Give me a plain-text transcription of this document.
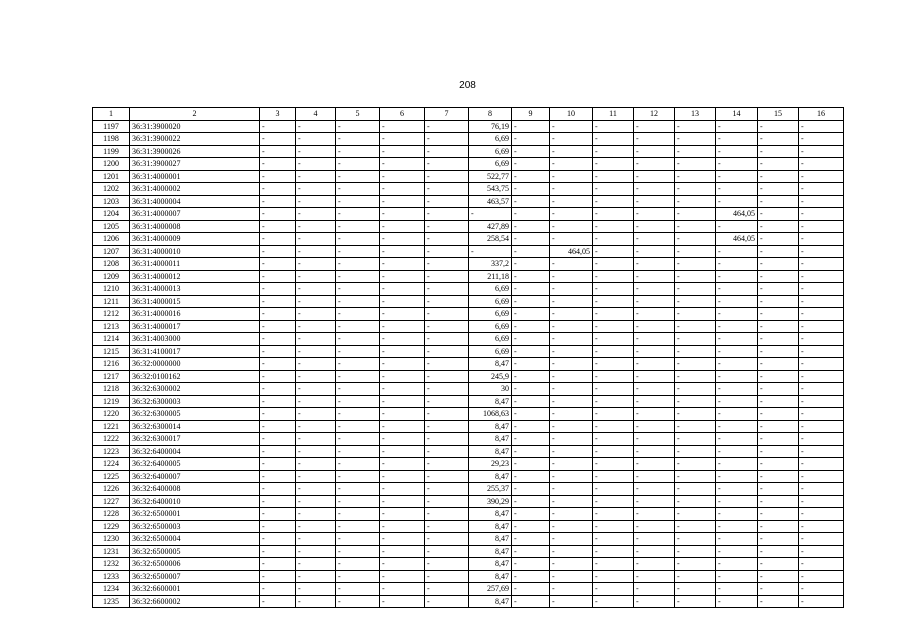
208
1	2	3	4	5	6	7	8	9	10	11	12	13	14	15	16
1197	36:31:3900020	-	-	-	-	-	76,19	-	-	-	-	-	-	-	-
1198	36:31:3900022	-	-	-	-	-	6,69	-	-	-	-	-	-	-	-
1199	36:31:3900026	-	-	-	-	-	6,69	-	-	-	-	-	-	-	-
1200	36:31:3900027	-	-	-	-	-	6,69	-	-	-	-	-	-	-	-
1201	36:31:4000001	-	-	-	-	-	522,77	-	-	-	-	-	-	-	-
1202	36:31:4000002	-	-	-	-	-	543,75	-	-	-	-	-	-	-	-
1203	36:31:4000004	-	-	-	-	-	463,57	-	-	-	-	-	-	-	-
1204	36:31:4000007	-	-	-	-	-	-	-	-	-	-	-	464,05	-	-
1205	36:31:4000008	-	-	-	-	-	427,89	-	-	-	-	-	-	-	-
1206	36:31:4000009	-	-	-	-	-	258,54	-	-	-	-	-	464,05	-	-
1207	36:31:4000010	-	-	-	-	-	-	-	464,05	-	-	-	-	-	-
1208	36:31:4000011	-	-	-	-	-	337,2	-	-	-	-	-	-	-	-
1209	36:31:4000012	-	-	-	-	-	211,18	-	-	-	-	-	-	-	-
1210	36:31:4000013	-	-	-	-	-	6,69	-	-	-	-	-	-	-	-
1211	36:31:4000015	-	-	-	-	-	6,69	-	-	-	-	-	-	-	-
1212	36:31:4000016	-	-	-	-	-	6,69	-	-	-	-	-	-	-	-
1213	36:31:4000017	-	-	-	-	-	6,69	-	-	-	-	-	-	-	-
1214	36:31:4003000	-	-	-	-	-	6,69	-	-	-	-	-	-	-	-
1215	36:31:4100017	-	-	-	-	-	6,69	-	-	-	-	-	-	-	-
1216	36:32:0000000	-	-	-	-	-	8,47	-	-	-	-	-	-	-	-
1217	36:32:0100162	-	-	-	-	-	245,9	-	-	-	-	-	-	-	-
1218	36:32:6300002	-	-	-	-	-	30	-	-	-	-	-	-	-	-
1219	36:32:6300003	-	-	-	-	-	8,47	-	-	-	-	-	-	-	-
1220	36:32:6300005	-	-	-	-	-	1068,63	-	-	-	-	-	-	-	-
1221	36:32:6300014	-	-	-	-	-	8,47	-	-	-	-	-	-	-	-
1222	36:32:6300017	-	-	-	-	-	8,47	-	-	-	-	-	-	-	-
1223	36:32:6400004	-	-	-	-	-	8,47	-	-	-	-	-	-	-	-
1224	36:32:6400005	-	-	-	-	-	29,23	-	-	-	-	-	-	-	-
1225	36:32:6400007	-	-	-	-	-	8,47	-	-	-	-	-	-	-	-
1226	36:32:6400008	-	-	-	-	-	255,37	-	-	-	-	-	-	-	-
1227	36:32:6400010	-	-	-	-	-	390,29	-	-	-	-	-	-	-	-
1228	36:32:6500001	-	-	-	-	-	8,47	-	-	-	-	-	-	-	-
1229	36:32:6500003	-	-	-	-	-	8,47	-	-	-	-	-	-	-	-
1230	36:32:6500004	-	-	-	-	-	8,47	-	-	-	-	-	-	-	-
1231	36:32:6500005	-	-	-	-	-	8,47	-	-	-	-	-	-	-	-
1232	36:32:6500006	-	-	-	-	-	8,47	-	-	-	-	-	-	-	-
1233	36:32:6500007	-	-	-	-	-	8,47	-	-	-	-	-	-	-	-
1234	36:32:6600001	-	-	-	-	-	257,69	-	-	-	-	-	-	-	-
1235	36:32:6600002	-	-	-	-	-	8,47	-	-	-	-	-	-	-	-
